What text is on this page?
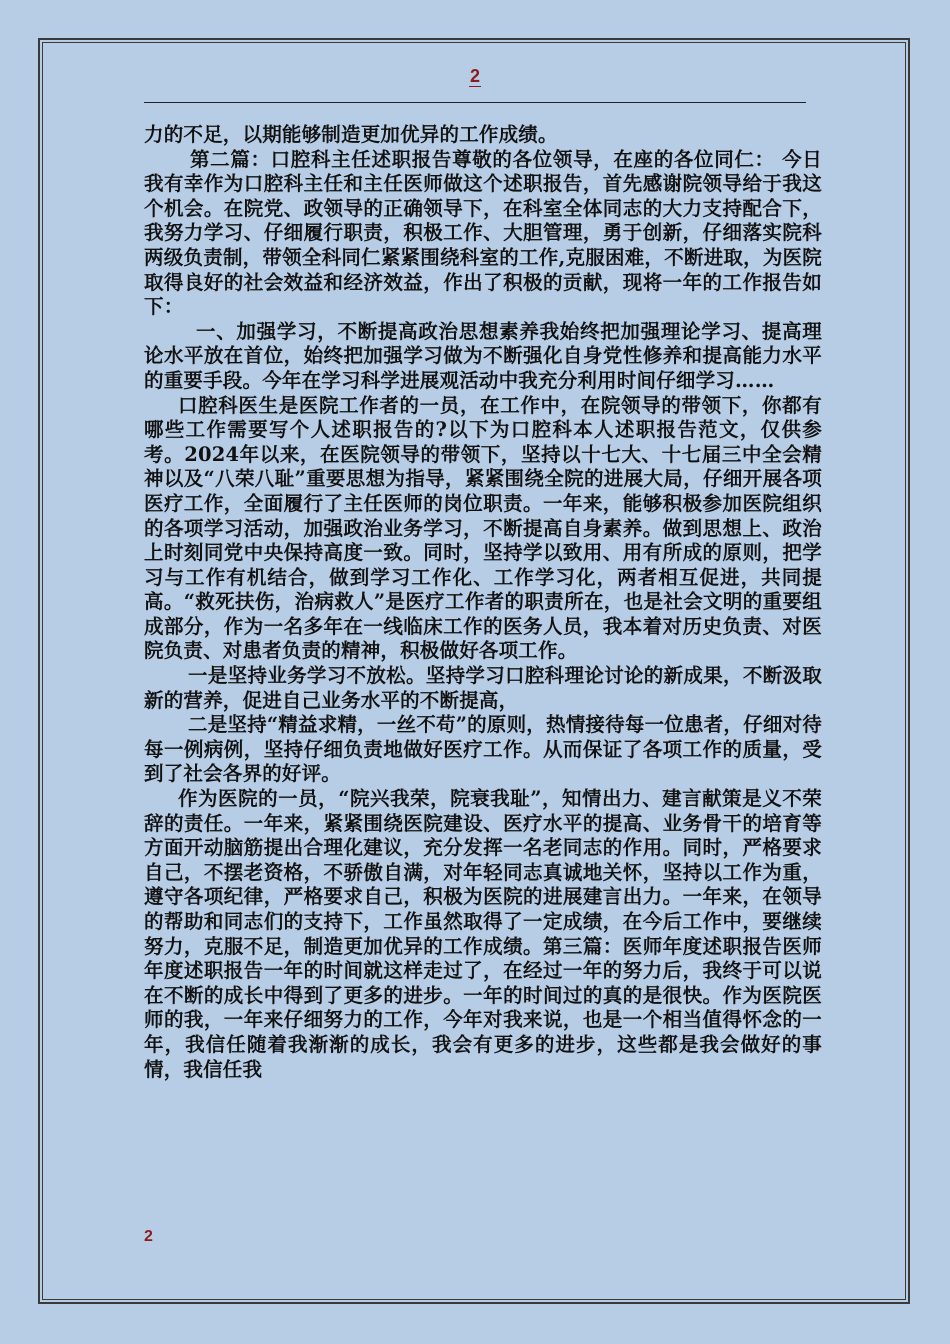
2

力的不足，以期能够制造更加优异的工作成绩。

第二篇：口腔科主任述职报告尊敬的各位领导，在座的各位同仁： 今日我有幸作为口腔科主任和主任医师做这个述职报告，首先感谢院领导给于我这个机会。在院党、政领导的正确领导下，在科室全体同志的大力支持配合下，我努力学习、仔细履行职责，积极工作、大胆管理，勇于创新，仔细落实院科两级负责制，带领全科同仁紧紧围绕科室的工作,克服困难，不断进取，为医院取得良好的社会效益和经济效益，作出了积极的贡献，现将一年的工作报告如下：

一、加强学习，不断提高政治思想素养我始终把加强理论学习、提高理论水平放在首位，始终把加强学习做为不断强化自身党性修养和提高能力水平的重要手段。今年在学习科学进展观活动中我充分利用时间仔细学习……

口腔科医生是医院工作者的一员，在工作中，在院领导的带领下，你都有哪些工作需要写个人述职报告的?以下为口腔科本人述职报告范文，仅供参考。2024年以来，在医院领导的带领下，坚持以十七大、十七届三中全会精神以及“八荣八耻”重要思想为指导，紧紧围绕全院的进展大局，仔细开展各项医疗工作，全面履行了主任医师的岗位职责。一年来，能够积极参加医院组织的各项学习活动，加强政治业务学习，不断提高自身素养。做到思想上、政治上时刻同党中央保持高度一致。同时，坚持学以致用、用有所成的原则，把学习与工作有机结合，做到学习工作化、工作学习化，两者相互促进，共同提高。“救死扶伤，治病救人”是医疗工作者的职责所在，也是社会文明的重要组成部分，作为一名多年在一线临床工作的医务人员，我本着对历史负责、对医院负责、对患者负责的精神，积极做好各项工作。

一是坚持业务学习不放松。坚持学习口腔科理论讨论的新成果，不断汲取新的营养，促进自己业务水平的不断提高，

二是坚持“精益求精，一丝不苟”的原则，热情接待每一位患者，仔细对待每一例病例，坚持仔细负责地做好医疗工作。从而保证了各项工作的质量，受到了社会各界的好评。

作为医院的一员，“院兴我荣，院衰我耻”，知情出力、建言献策是义不荣辞的责任。一年来，紧紧围绕医院建设、医疗水平的提高、业务骨干的培育等方面开动脑筋提出合理化建议，充分发挥一名老同志的作用。同时，严格要求自己，不摆老资格，不骄傲自满，对年轻同志真诚地关怀，坚持以工作为重，遵守各项纪律，严格要求自己，积极为医院的进展建言出力。一年来，在领导的帮助和同志们的支持下，工作虽然取得了一定成绩，在今后工作中，要继续努力，克服不足，制造更加优异的工作成绩。第三篇：医师年度述职报告医师年度述职报告一年的时间就这样走过了，在经过一年的努力后，我终于可以说在不断的成长中得到了更多的进步。一年的时间过的真的是很快。作为医院医师的我，一年来仔细努力的工作，今年对我来说，也是一个相当值得怀念的一年，我信任随着我渐渐的成长，我会有更多的进步，这些都是我会做好的事情，我信任我

2
